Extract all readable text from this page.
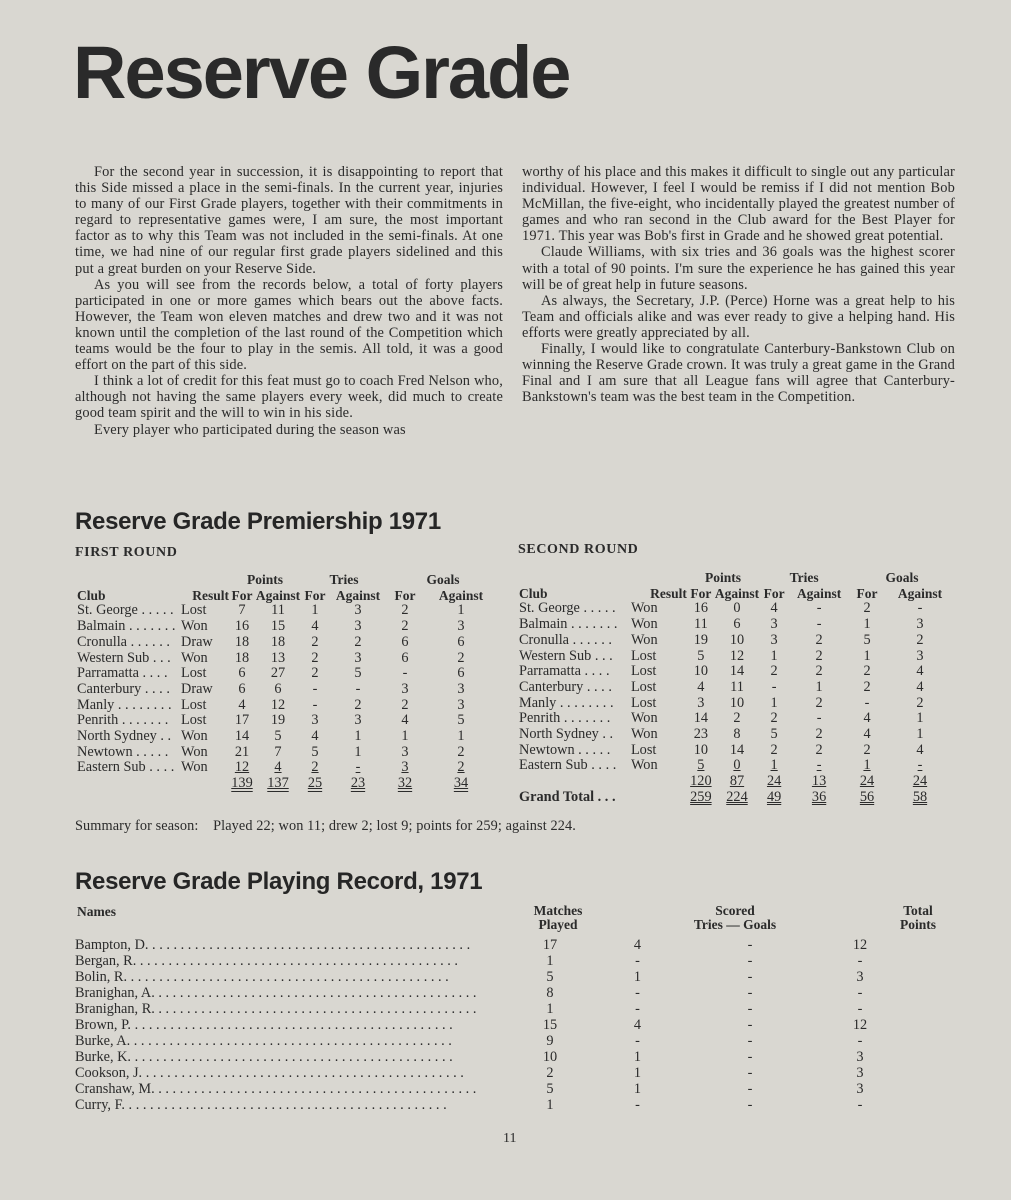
Reserve Grade

For the second year in succession, it is disappointing to report that this Side missed a place in the semi-finals. In the current year, injuries to many of our First Grade players, together with their commitments in regard to representative games were, I am sure, the most important factor as to why this Team was not included in the semi-finals. At one time, we had nine of our regular first grade players sidelined and this put a great burden on your Reserve Side.

As you will see from the records below, a total of forty players participated in one or more games which bears out the above facts. However, the Team won eleven matches and drew two and it was not known until the completion of the last round of the Competition which teams would be the four to play in the semis. All told, it was a good effort on the part of this side.

I think a lot of credit for this feat must go to coach Fred Nelson who, although not having the same players every week, did much to create good team spirit and the will to win in his side.

Every player who participated during the season was

worthy of his place and this makes it difficult to single out any particular individual. However, I feel I would be remiss if I did not mention Bob McMillan, the five-eight, who incidentally played the greatest number of games and who ran second in the Club award for the Best Player for 1971. This year was Bob's first in Grade and he showed great potential.

Claude Williams, with six tries and 36 goals was the highest scorer with a total of 90 points. I'm sure the experience he has gained this year will be of great help in future seasons.

As always, the Secretary, J.P. (Perce) Horne was a great help to his Team and officials alike and was ever ready to give a helping hand. His efforts were greatly appreciated by all.

Finally, I would like to congratulate Canterbury-Bankstown Club on winning the Reserve Grade crown. It was truly a great game in the Grand Final and I am sure that all League fans will agree that Canterbury-Bankstown's team was the best team in the Competition.

Reserve Grade Premiership 1971
FIRST ROUND	SECOND ROUND
		Points		Tries		Goals	
Club	Result	For	Against	For	Against	For	Against
St. George . . . . .	Lost	7	11	1	3	2	1
Balmain . . . . . . .	Won	16	15	4	3	2	3
Cronulla . . . . . .	Draw	18	18	2	2	6	6
Western Sub . . .	Won	18	13	2	3	6	2
Parramatta . . . .	Lost	6	27	2	5	-	6
Canterbury . . . .	Draw	6	6	-	-	3	3
Manly . . . . . . . .	Lost	4	12	-	2	2	3
Penrith . . . . . . .	Lost	17	19	3	3	4	5
North Sydney . .	Won	14	5	4	1	1	1
Newtown . . . . .	Won	21	7	5	1	3	2
Eastern Sub . . . .	Won	12	4	2	-	3	2
		139	137	25	23	32	34
		Points		Tries		Goals	
Club	Result	For	Against	For	Against	For	Against
St. George . . . . .	Won	16	0	4	-	2	-
Balmain . . . . . . .	Won	11	6	3	-	1	3
Cronulla . . . . . .	Won	19	10	3	2	5	2
Western Sub . . .	Lost	5	12	1	2	1	3
Parramatta . . . .	Lost	10	14	2	2	2	4
Canterbury . . . .	Lost	4	11	-	1	2	4
Manly . . . . . . . .	Lost	3	10	1	2	-	2
Penrith . . . . . . .	Won	14	2	2	-	4	1
North Sydney . .	Won	23	8	5	2	4	1
Newtown . . . . .	Lost	10	14	2	2	2	4
Eastern Sub . . . .	Won	5	0	1	-	1	-
		120	87	24	13	24	24
Grand Total . . .		259	224	49	36	56	58

Summary for season: Played 22; won 11; drew 2; lost 9; points for 259; against 224.

Reserve Grade Playing Record, 1971
Names	Matches
Played
Scored
Tries — Goals
Total
Points
Bampton, D. . . . . . . . . . . . . . . . . . . . . . . . . . . . . . . . . . . . . . . . . . . . . .	17	4	-	12
Bergan, R. . . . . . . . . . . . . . . . . . . . . . . . . . . . . . . . . . . . . . . . . . . . . .	1	-	-	-
Bolin, R. . . . . . . . . . . . . . . . . . . . . . . . . . . . . . . . . . . . . . . . . . . . . .	5	1	-	3
Branighan, A. . . . . . . . . . . . . . . . . . . . . . . . . . . . . . . . . . . . . . . . . . . . . .	8	-	-	-
Branighan, R. . . . . . . . . . . . . . . . . . . . . . . . . . . . . . . . . . . . . . . . . . . . . .	1	-	-	-
Brown, P. . . . . . . . . . . . . . . . . . . . . . . . . . . . . . . . . . . . . . . . . . . . . .	15	4	-	12
Burke, A. . . . . . . . . . . . . . . . . . . . . . . . . . . . . . . . . . . . . . . . . . . . . .	9	-	-	-
Burke, K. . . . . . . . . . . . . . . . . . . . . . . . . . . . . . . . . . . . . . . . . . . . . .	10	1	-	3
Cookson, J. . . . . . . . . . . . . . . . . . . . . . . . . . . . . . . . . . . . . . . . . . . . . .	2	1	-	3
Cranshaw, M. . . . . . . . . . . . . . . . . . . . . . . . . . . . . . . . . . . . . . . . . . . . . .	5	1	-	3
Curry, F. . . . . . . . . . . . . . . . . . . . . . . . . . . . . . . . . . . . . . . . . . . . . .	1	-	-	-
11
